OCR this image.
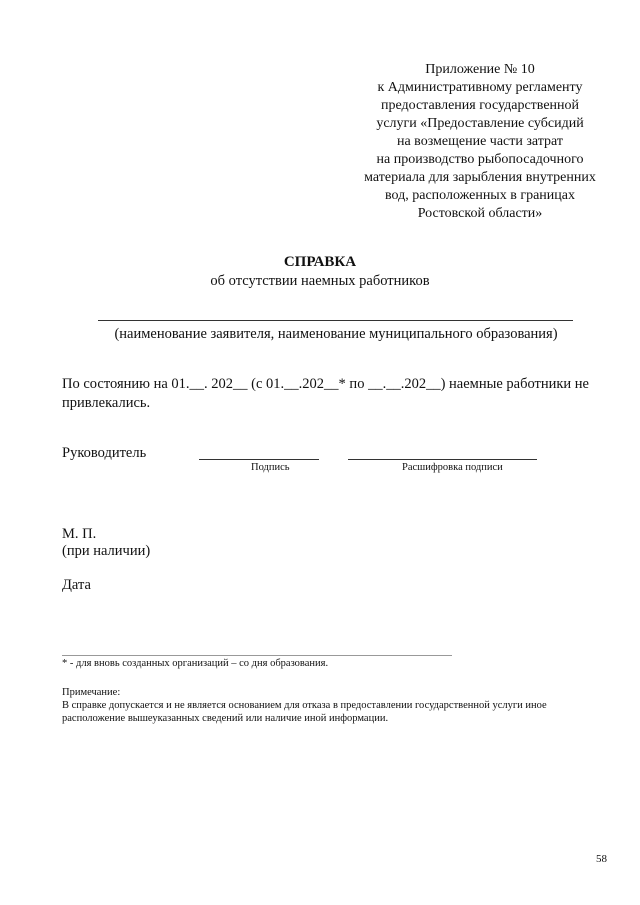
Приложение № 10
к Административному регламенту
предоставления государственной
услуги «Предоставление субсидий
на возмещение части затрат
на производство рыбопосадочного
материала для зарыбления внутренних
вод, расположенных в границах
Ростовской области»
СПРАВКА
об отсутствии наемных работников
(наименование заявителя, наименование муниципального образования)
По состоянию на 01.__. 202__ (с 01.__.202__* по __.__.202__) наемные работники не
привлекались.
Руководитель
Подпись	Расшифровка подписи
М. П.
(при наличии)
Дата
* - для вновь созданных организаций – со дня образования.
Примечание:
В справке допускается и не является основанием для отказа в предоставлении государственной услуги иное
расположение вышеуказанных сведений или наличие иной информации.
58
